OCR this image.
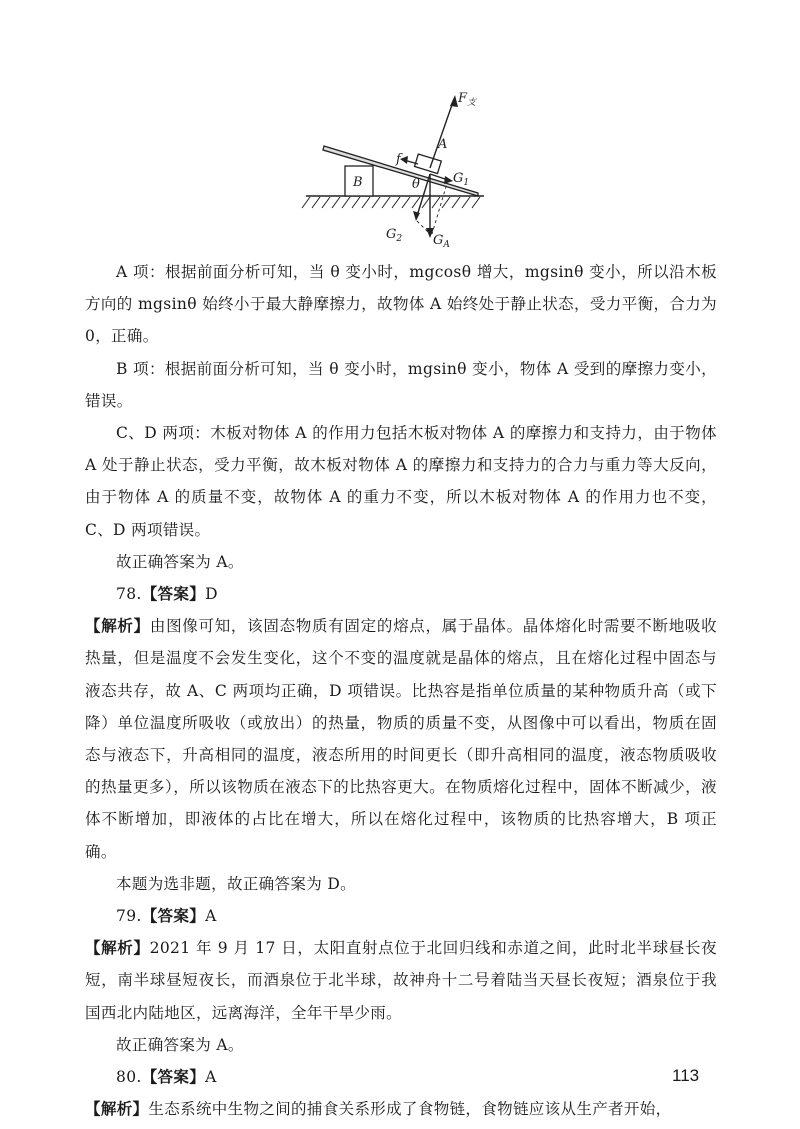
B
A
$F_支$
f
$G_1$
$G_2$ $G_A$
θ

A 项：根据前面分析可知，当 θ 变小时，mgcosθ 增大，mgsinθ 变小，所以沿木板方向的 mgsinθ 始终小于最大静摩擦力，故物体 A 始终处于静止状态，受力平衡，合力为 0，正确。

B 项：根据前面分析可知，当 θ 变小时，mgsinθ 变小，物体 A 受到的摩擦力变小，错误。

C、D 两项：木板对物体 A 的作用力包括木板对物体 A 的摩擦力和支持力，由于物体 A 处于静止状态，受力平衡，故木板对物体 A 的摩擦力和支持力的合力与重力等大反向，由于物体 A 的质量不变，故物体 A 的重力不变，所以木板对物体 A 的作用力也不变，C、D 两项错误。

故正确答案为 A。

78.【答案】D

【解析】由图像可知，该固态物质有固定的熔点，属于晶体。晶体熔化时需要不断地吸收热量，但是温度不会发生变化，这个不变的温度就是晶体的熔点，且在熔化过程中固态与液态共存，故 A、C 两项均正确，D 项错误。比热容是指单位质量的某种物质升高（或下降）单位温度所吸收（或放出）的热量，物质的质量不变，从图像中可以看出，物质在固态与液态下，升高相同的温度，液态所用的时间更长（即升高相同的温度，液态物质吸收的热量更多），所以该物质在液态下的比热容更大。在物质熔化过程中，固体不断减少，液体不断增加，即液体的占比在增大，所以在熔化过程中，该物质的比热容增大，B 项正确。

本题为选非题，故正确答案为 D。

79.【答案】A

【解析】2021 年 9 月 17 日，太阳直射点位于北回归线和赤道之间，此时北半球昼长夜短，南半球昼短夜长，而酒泉位于北半球，故神舟十二号着陆当天昼长夜短；酒泉位于我国西北内陆地区，远离海洋，全年干旱少雨。

故正确答案为 A。

80.【答案】A

【解析】生态系统中生物之间的捕食关系形成了食物链，食物链应该从生产者开始，

113
